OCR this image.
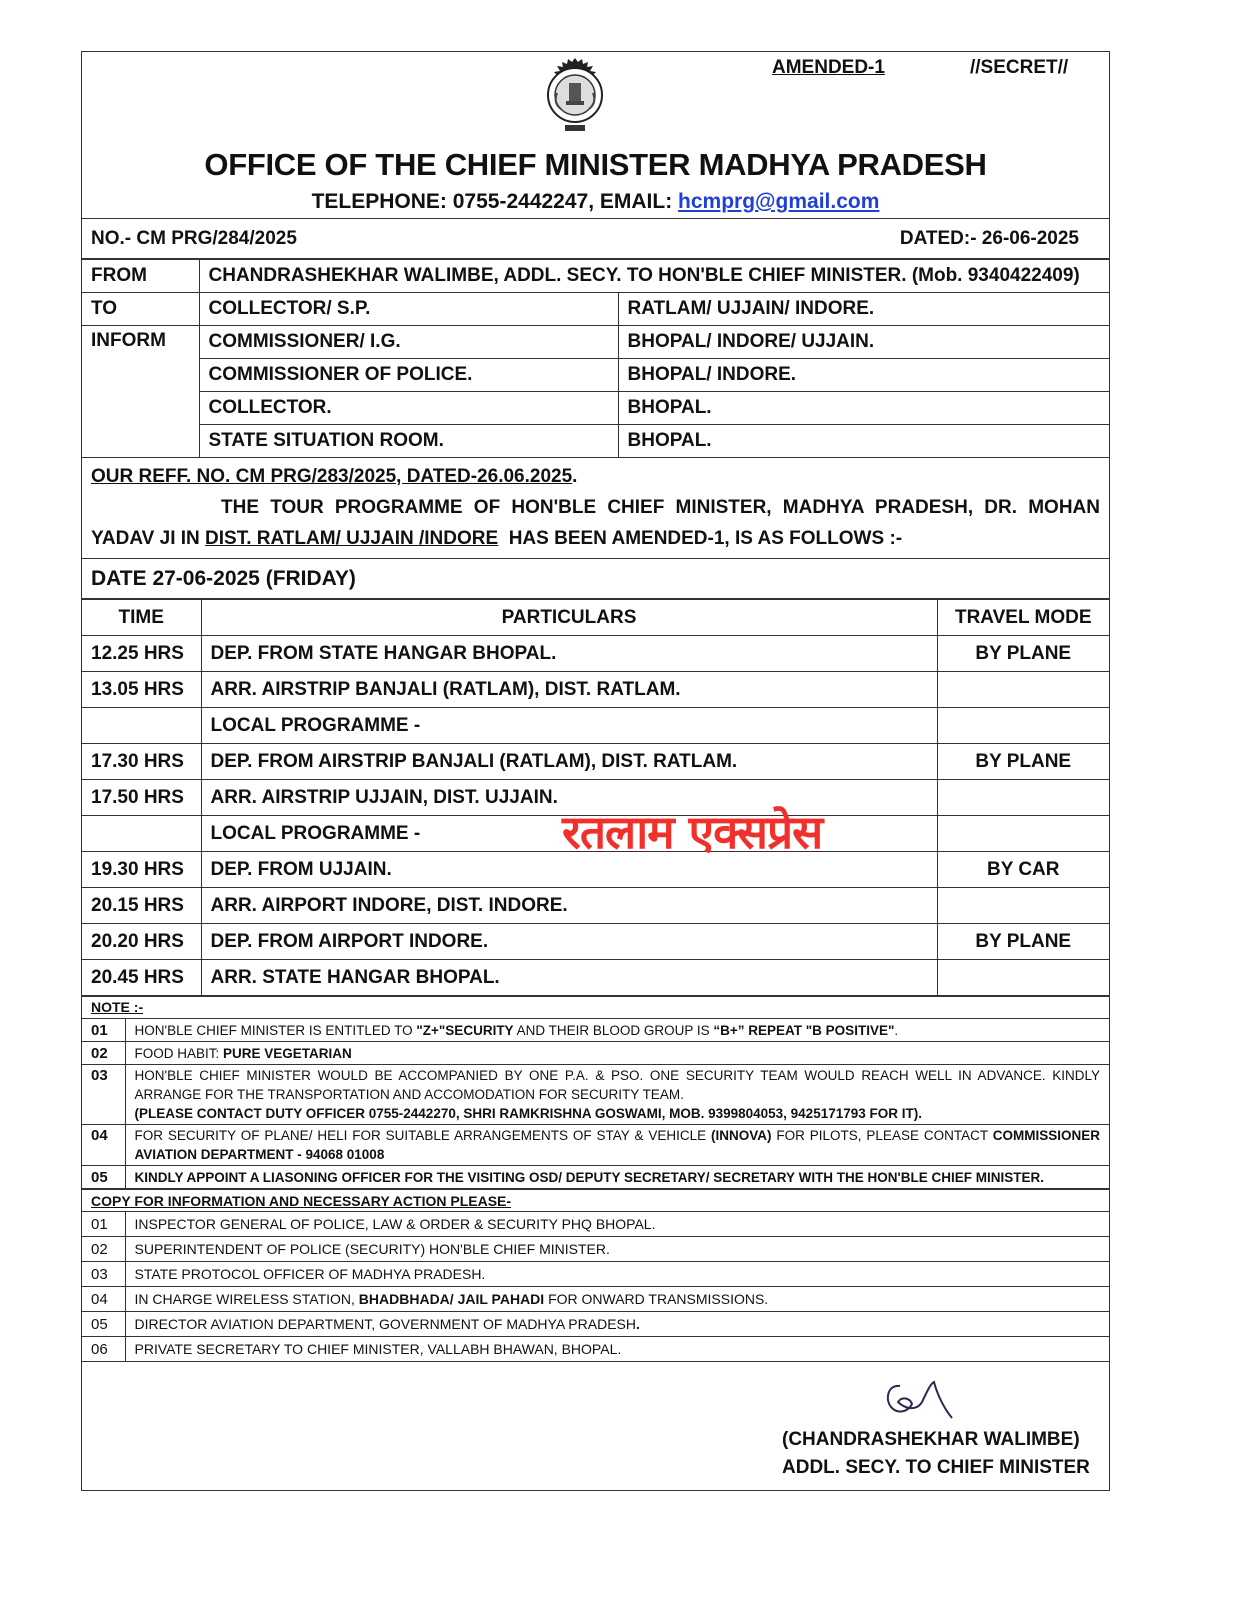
AMENDED-1	//SECRET//
OFFICE OF THE CHIEF MINISTER MADHYA PRADESH
TELEPHONE: 0755-2442247, EMAIL: hcmprg@gmail.com
NO.- CM PRG/284/2025	DATED:- 26-06-2025
FROM	CHANDRASHEKHAR WALIMBE, ADDL. SECY. TO HON'BLE CHIEF MINISTER. (Mob. 9340422409)	
TO	COLLECTOR/ S.P.	RATLAM/ UJJAIN/ INDORE.
INFORM	COMMISSIONER/ I.G.	BHOPAL/ INDORE/ UJJAIN.
	COMMISSIONER OF POLICE.	BHOPAL/ INDORE.
	COLLECTOR.	BHOPAL.
	STATE SITUATION ROOM.	BHOPAL.
OUR REFF. NO. CM PRG/283/2025, DATED-26.06.2025.
THE TOUR PROGRAMME OF HON'BLE CHIEF MINISTER, MADHYA PRADESH, DR. MOHAN
YADAV JI IN DIST. RATLAM/ UJJAIN /INDORE  HAS BEEN AMENDED-1, IS AS FOLLOWS :-
DATE 27-06-2025 (FRIDAY)
TIME	PARTICULARS	TRAVEL MODE
12.25 HRS	DEP. FROM STATE HANGAR BHOPAL.	BY PLANE
13.05 HRS	ARR. AIRSTRIP BANJALI (RATLAM), DIST. RATLAM.	
	LOCAL PROGRAMME -	
17.30 HRS	DEP. FROM AIRSTRIP BANJALI (RATLAM), DIST. RATLAM.	BY PLANE
17.50 HRS	ARR. AIRSTRIP UJJAIN, DIST. UJJAIN.	
	LOCAL PROGRAMME -	
19.30 HRS	DEP. FROM UJJAIN.	BY CAR
20.15 HRS	ARR. AIRPORT INDORE, DIST. INDORE.	
20.20 HRS	DEP. FROM AIRPORT INDORE.	BY PLANE
20.45 HRS	ARR. STATE HANGAR BHOPAL.	
NOTE :-	
01	HON'BLE CHIEF MINISTER IS ENTITLED TO "Z+"SECURITY AND THEIR BLOOD GROUP IS “B+” REPEAT "B POSITIVE".
02	FOOD HABIT: PURE VEGETARIAN
03	HON'BLE CHIEF MINISTER WOULD BE ACCOMPANIED BY ONE P.A. & PSO. ONE SECURITY TEAM WOULD REACH WELL IN ADVANCE. KINDLY ARRANGE FOR THE TRANSPORTATION AND ACCOMODATION FOR SECURITY TEAM.
(PLEASE CONTACT DUTY OFFICER 0755-2442270, SHRI RAMKRISHNA GOSWAMI, MOB. 9399804053, 9425171793 FOR IT).
04	FOR SECURITY OF PLANE/ HELI FOR SUITABLE ARRANGEMENTS OF STAY & VEHICLE (INNOVA) FOR PILOTS, PLEASE CONTACT COMMISSIONER AVIATION DEPARTMENT - 94068 01008
05	KINDLY APPOINT A LIASONING OFFICER FOR THE VISITING OSD/ DEPUTY SECRETARY/ SECRETARY WITH THE HON'BLE CHIEF MINISTER.
COPY FOR INFORMATION AND NECESSARY ACTION PLEASE-	
01	INSPECTOR GENERAL OF POLICE, LAW & ORDER & SECURITY PHQ BHOPAL.
02	SUPERINTENDENT OF POLICE (SECURITY) HON'BLE CHIEF MINISTER.
03	STATE PROTOCOL OFFICER OF MADHYA PRADESH.
04	IN CHARGE WIRELESS STATION, BHADBHADA/ JAIL PAHADI FOR ONWARD TRANSMISSIONS.
05	DIRECTOR AVIATION DEPARTMENT, GOVERNMENT OF MADHYA PRADESH.
06	PRIVATE SECRETARY TO CHIEF MINISTER, VALLABH BHAWAN, BHOPAL.
(CHANDRASHEKHAR WALIMBE)
ADDL. SECY. TO CHIEF MINISTER
रतलाम एक्सप्रेस
